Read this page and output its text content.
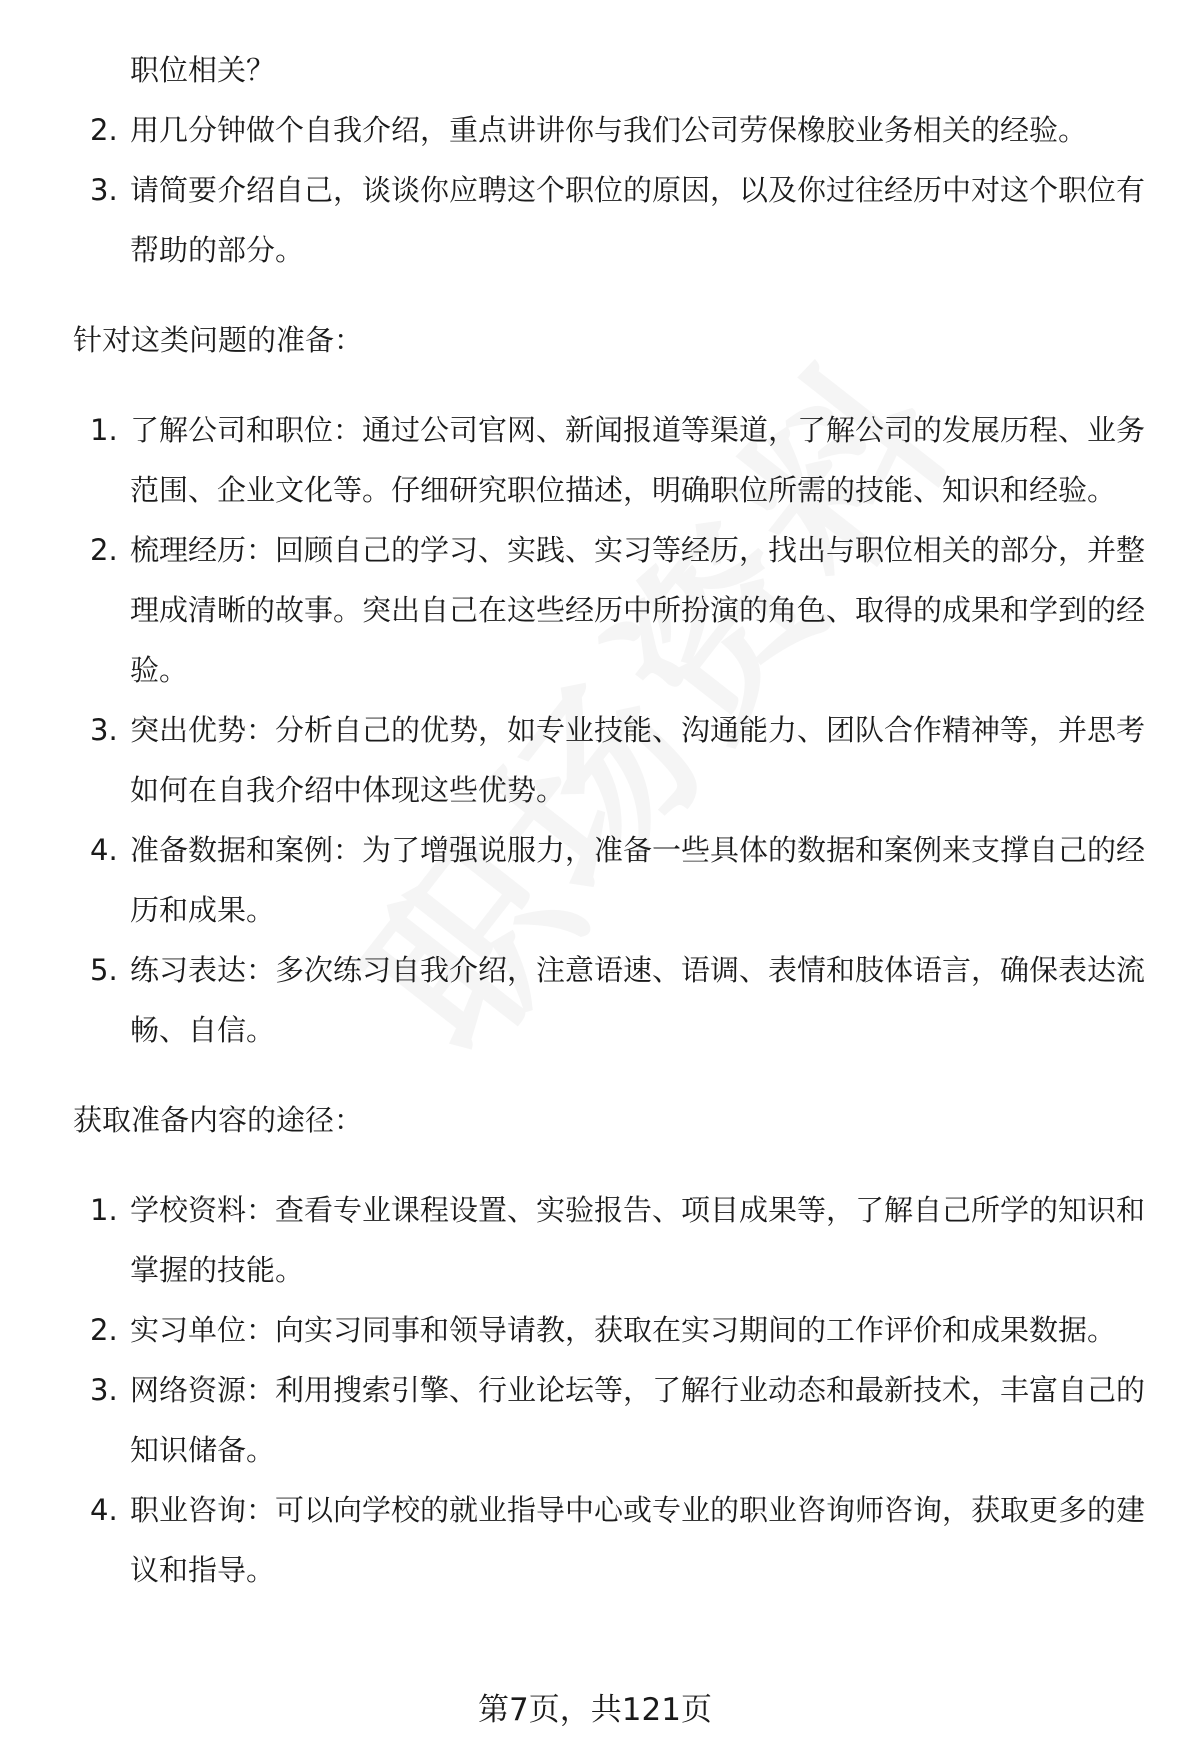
职位相关？

2. 用几分钟做个自我介绍，重点讲讲你与我们公司劳保橡胶业务相关的经验。
3. 请简要介绍自己，谈谈你应聘这个职位的原因，以及你过往经历中对这个职位有帮助的部分。
针对这类问题的准备：
1. 了解公司和职位：通过公司官网、新闻报道等渠道，了解公司的发展历程、业务范围、企业文化等。仔细研究职位描述，明确职位所需的技能、知识和经验。
2. 梳理经历：回顾自己的学习、实践、实习等经历，找出与职位相关的部分，并整理成清晰的故事。突出自己在这些经历中所扮演的角色、取得的成果和学到的经验。
3. 突出优势：分析自己的优势，如专业技能、沟通能力、团队合作精神等，并思考如何在自我介绍中体现这些优势。
4. 准备数据和案例：为了增强说服力，准备一些具体的数据和案例来支撑自己的经历和成果。
5. 练习表达：多次练习自我介绍，注意语速、语调、表情和肢体语言，确保表达流畅、自信。
获取准备内容的途径：
1. 学校资料：查看专业课程设置、实验报告、项目成果等，了解自己所学的知识和掌握的技能。
2. 实习单位：向实习同事和领导请教，获取在实习期间的工作评价和成果数据。
3. 网络资源：利用搜索引擎、行业论坛等，了解行业动态和最新技术，丰富自己的知识储备。
4. 职业咨询：可以向学校的就业指导中心或专业的职业咨询师咨询，获取更多的建议和指导。
第7页，共121页
